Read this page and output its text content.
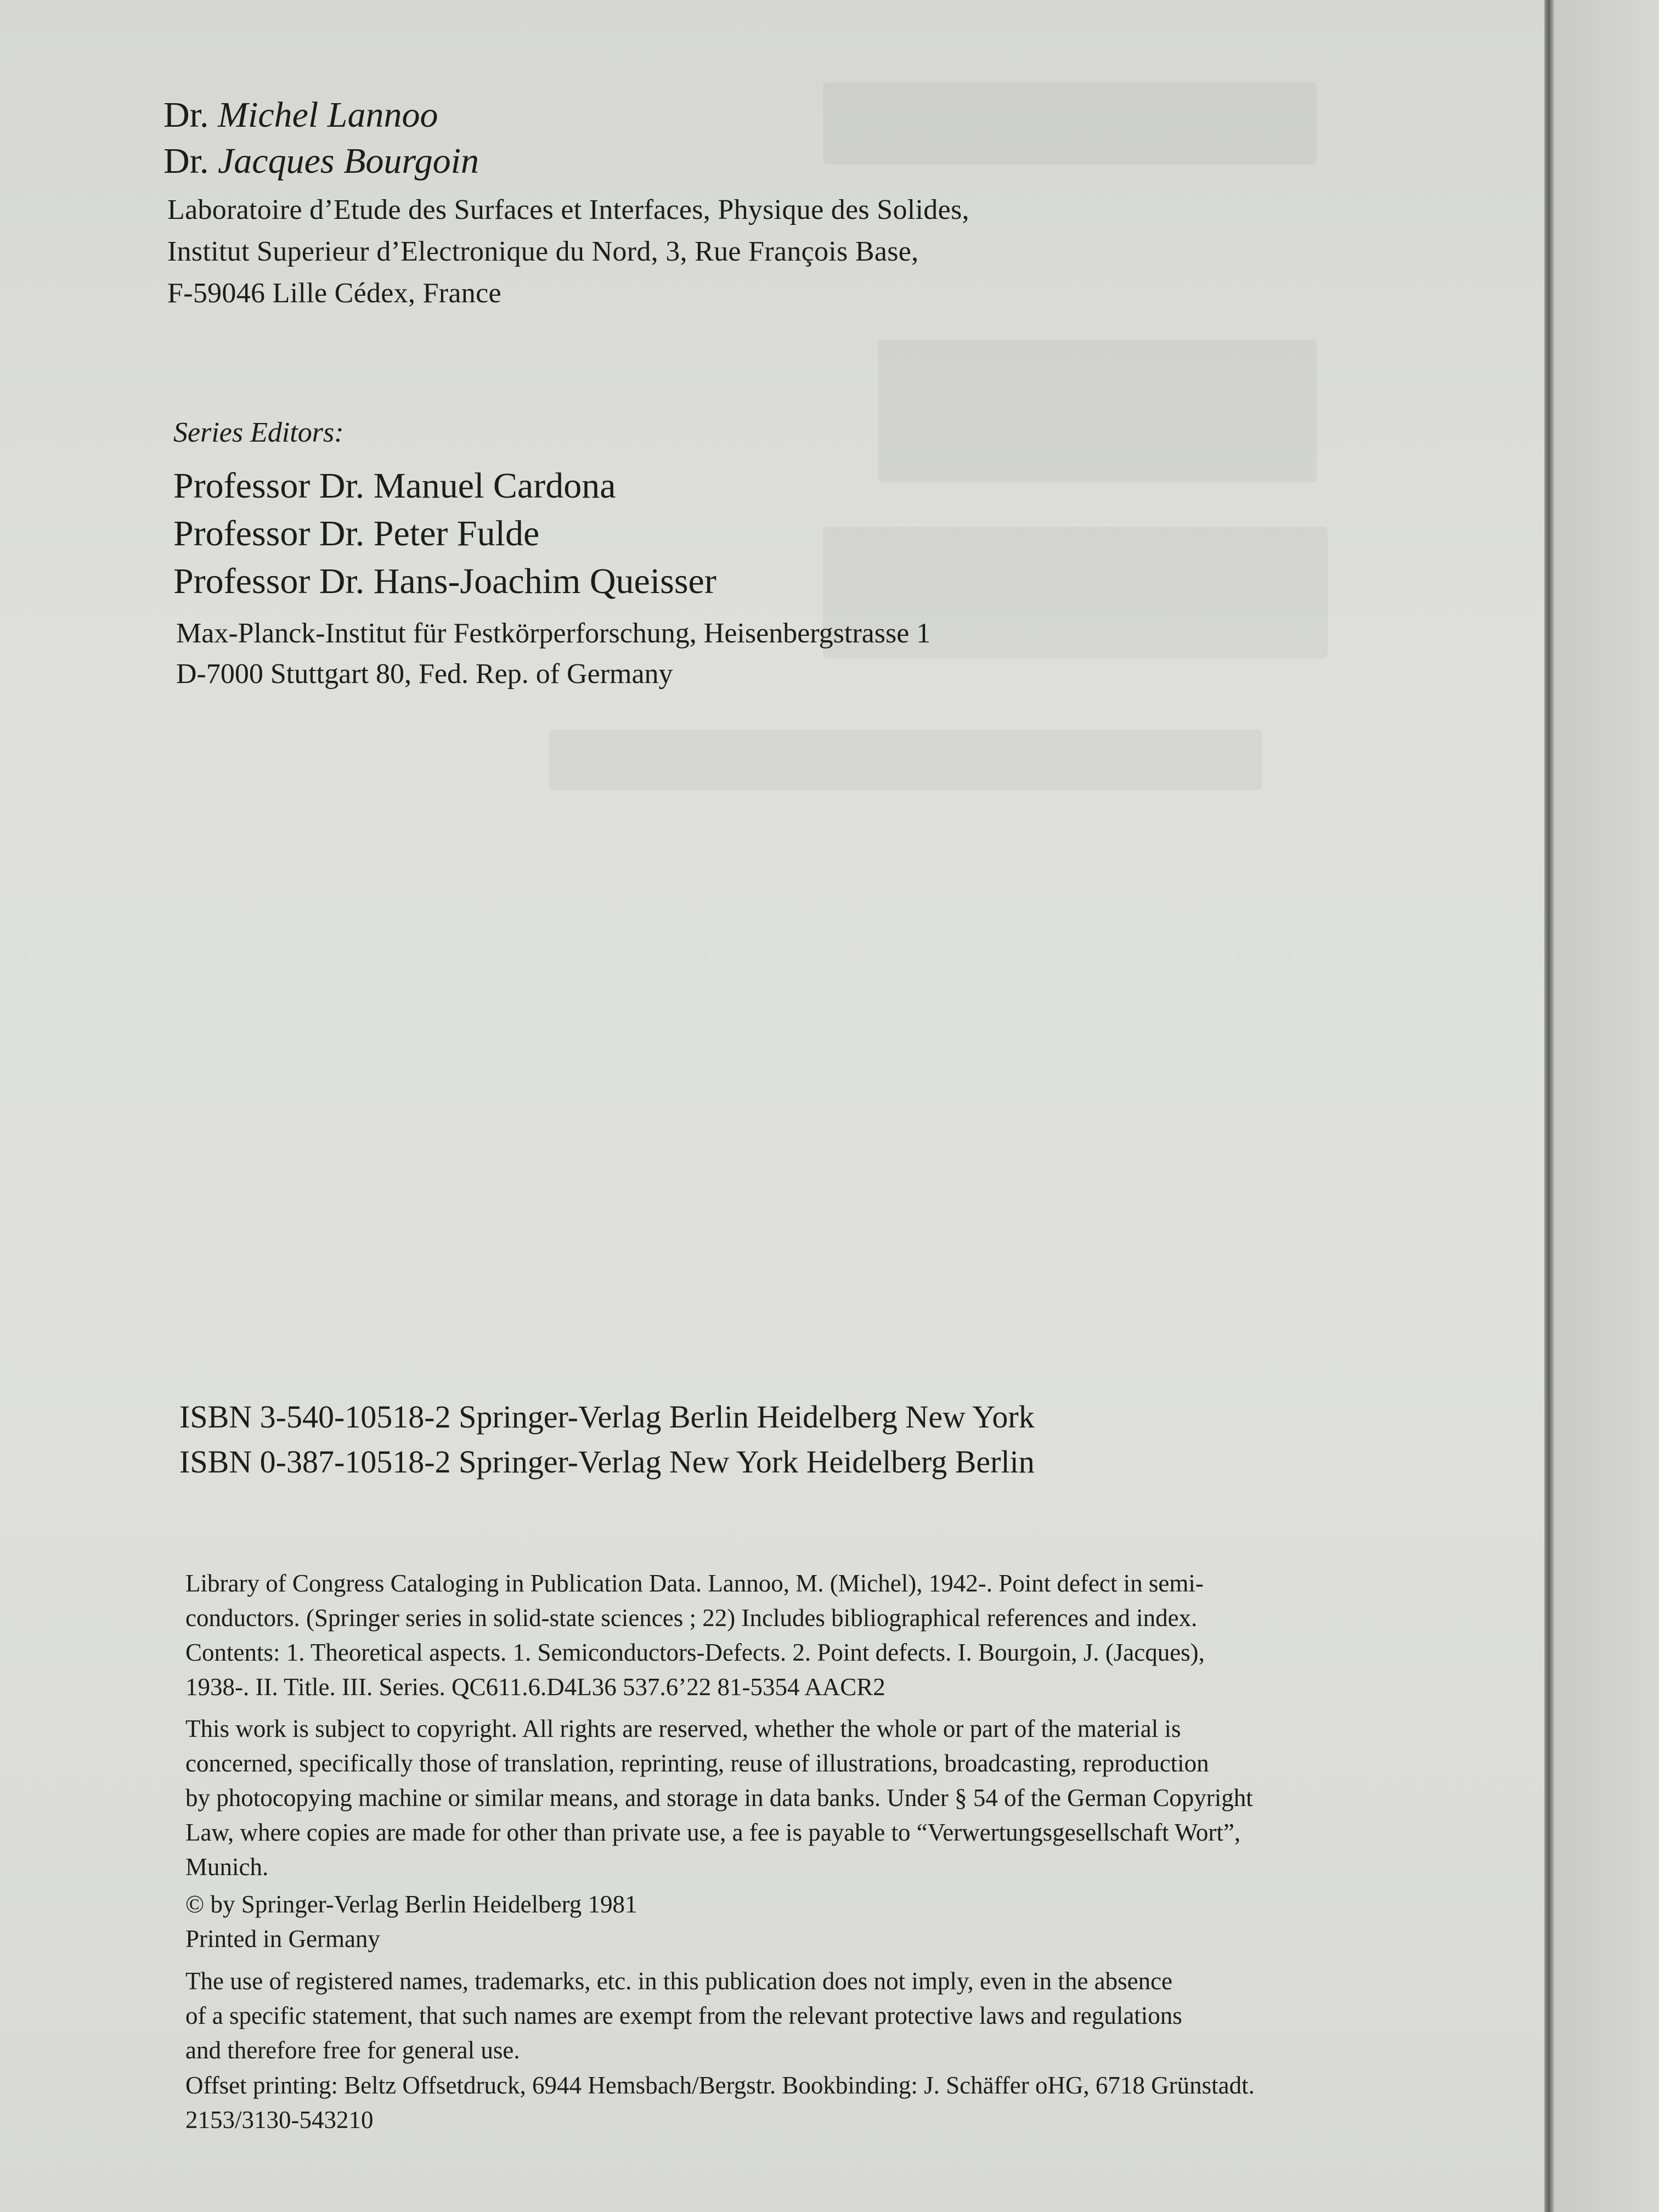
Dr. Michel Lannoo
Dr. Jacques Bourgoin
Laboratoire d’Etude des Surfaces et Interfaces, Physique des Solides,
Institut Superieur d’Electronique du Nord, 3, Rue François Base,
F-59046 Lille Cédex, France
Series Editors:
Professor Dr. Manuel Cardona
Professor Dr. Peter Fulde
Professor Dr. Hans-Joachim Queisser
Max-Planck-Institut für Festkörperforschung, Heisenbergstrasse 1
D-7000 Stuttgart 80, Fed. Rep. of Germany
ISBN 3-540-10518-2 Springer-Verlag Berlin Heidelberg New York
ISBN 0-387-10518-2 Springer-Verlag New York Heidelberg Berlin
Library of Congress Cataloging in Publication Data. Lannoo, M. (Michel), 1942-. Point defect in semi-
conductors. (Springer series in solid-state sciences ; 22) Includes bibliographical references and index.
Contents: 1. Theoretical aspects. 1. Semiconductors-Defects. 2. Point defects. I. Bourgoin, J. (Jacques),
1938-. II. Title. III. Series. QC611.6.D4L36 537.6’22 81-5354 AACR2
This work is subject to copyright. All rights are reserved, whether the whole or part of the material is
concerned, specifically those of translation, reprinting, reuse of illustrations, broadcasting, reproduction
by photocopying machine or similar means, and storage in data banks. Under § 54 of the German Copyright
Law, where copies are made for other than private use, a fee is payable to “Verwertungsgesellschaft Wort”,
Munich.
© by Springer-Verlag Berlin Heidelberg 1981
Printed in Germany
The use of registered names, trademarks, etc. in this publication does not imply, even in the absence
of a specific statement, that such names are exempt from the relevant protective laws and regulations
and therefore free for general use.
Offset printing: Beltz Offsetdruck, 6944 Hemsbach/Bergstr. Bookbinding: J. Schäffer oHG, 6718 Grünstadt.
2153/3130-543210
